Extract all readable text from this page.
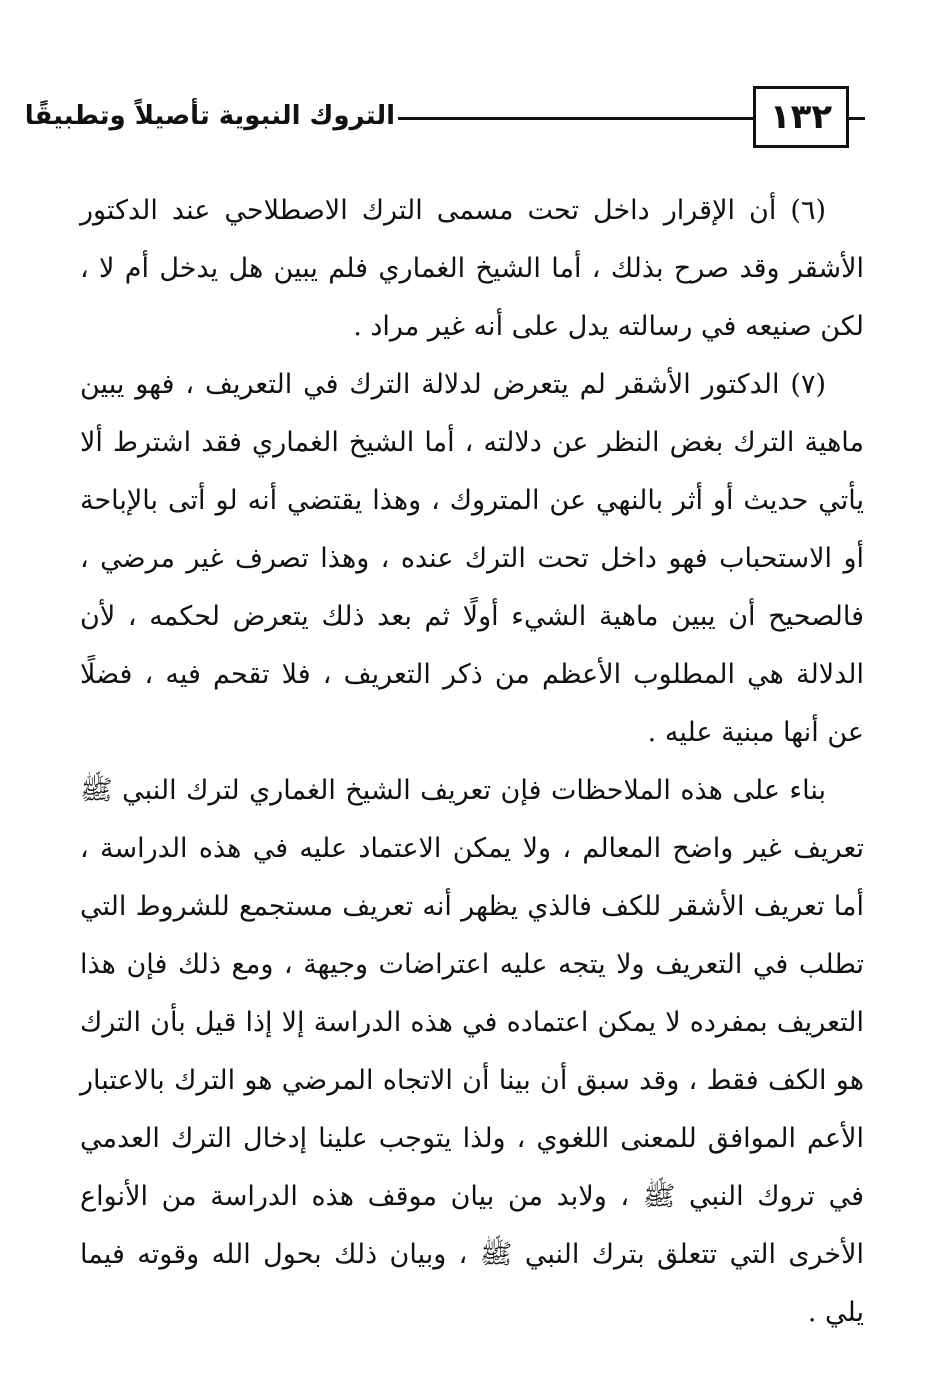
١٣٢
التروك النبوية تأصيلاً وتطبيقًا

(٦) أن الإقرار داخل تحت مسمى الترك الاصطلاحي عند الدكتور الأشقر وقد صرح بذلك ، أما الشيخ الغماري فلم يبين هل يدخل أم لا ، لكن صنيعه في رسالته يدل على أنه غير مراد .

(٧) الدكتور الأشقر لم يتعرض لدلالة الترك في التعريف ، فهو يبين ماهية الترك بغض النظر عن دلالته ، أما الشيخ الغماري فقد اشترط ألا يأتي حديث أو أثر بالنهي عن المتروك ، وهذا يقتضي أنه لو أتى بالإباحة أو الاستحباب فهو داخل تحت الترك عنده ، وهذا تصرف غير مرضي ، فالصحيح أن يبين ماهية الشيء أولًا ثم بعد ذلك يتعرض لحكمه ، لأن الدلالة هي المطلوب الأعظم من ذكر التعريف ، فلا تقحم فيه ، فضلًا عن أنها مبنية عليه .

بناء على هذه الملاحظات فإن تعريف الشيخ الغماري لترك النبي ﷺ تعريف غير واضح المعالم ، ولا يمكن الاعتماد عليه في هذه الدراسة ، أما تعريف الأشقر للكف فالذي يظهر أنه تعريف مستجمع للشروط التي تطلب في التعريف ولا يتجه عليه اعتراضات وجيهة ، ومع ذلك فإن هذا التعريف بمفرده لا يمكن اعتماده في هذه الدراسة إلا إذا قيل بأن الترك هو الكف فقط ، وقد سبق أن بينا أن الاتجاه المرضي هو الترك بالاعتبار الأعم الموافق للمعنى اللغوي ، ولذا يتوجب علينا إدخال الترك العدمي في تروك النبي ﷺ ، ولابد من بيان موقف هذه الدراسة من الأنواع الأخرى التي تتعلق بترك النبي ﷺ ، وبيان ذلك بحول الله وقوته فيما يلي .
